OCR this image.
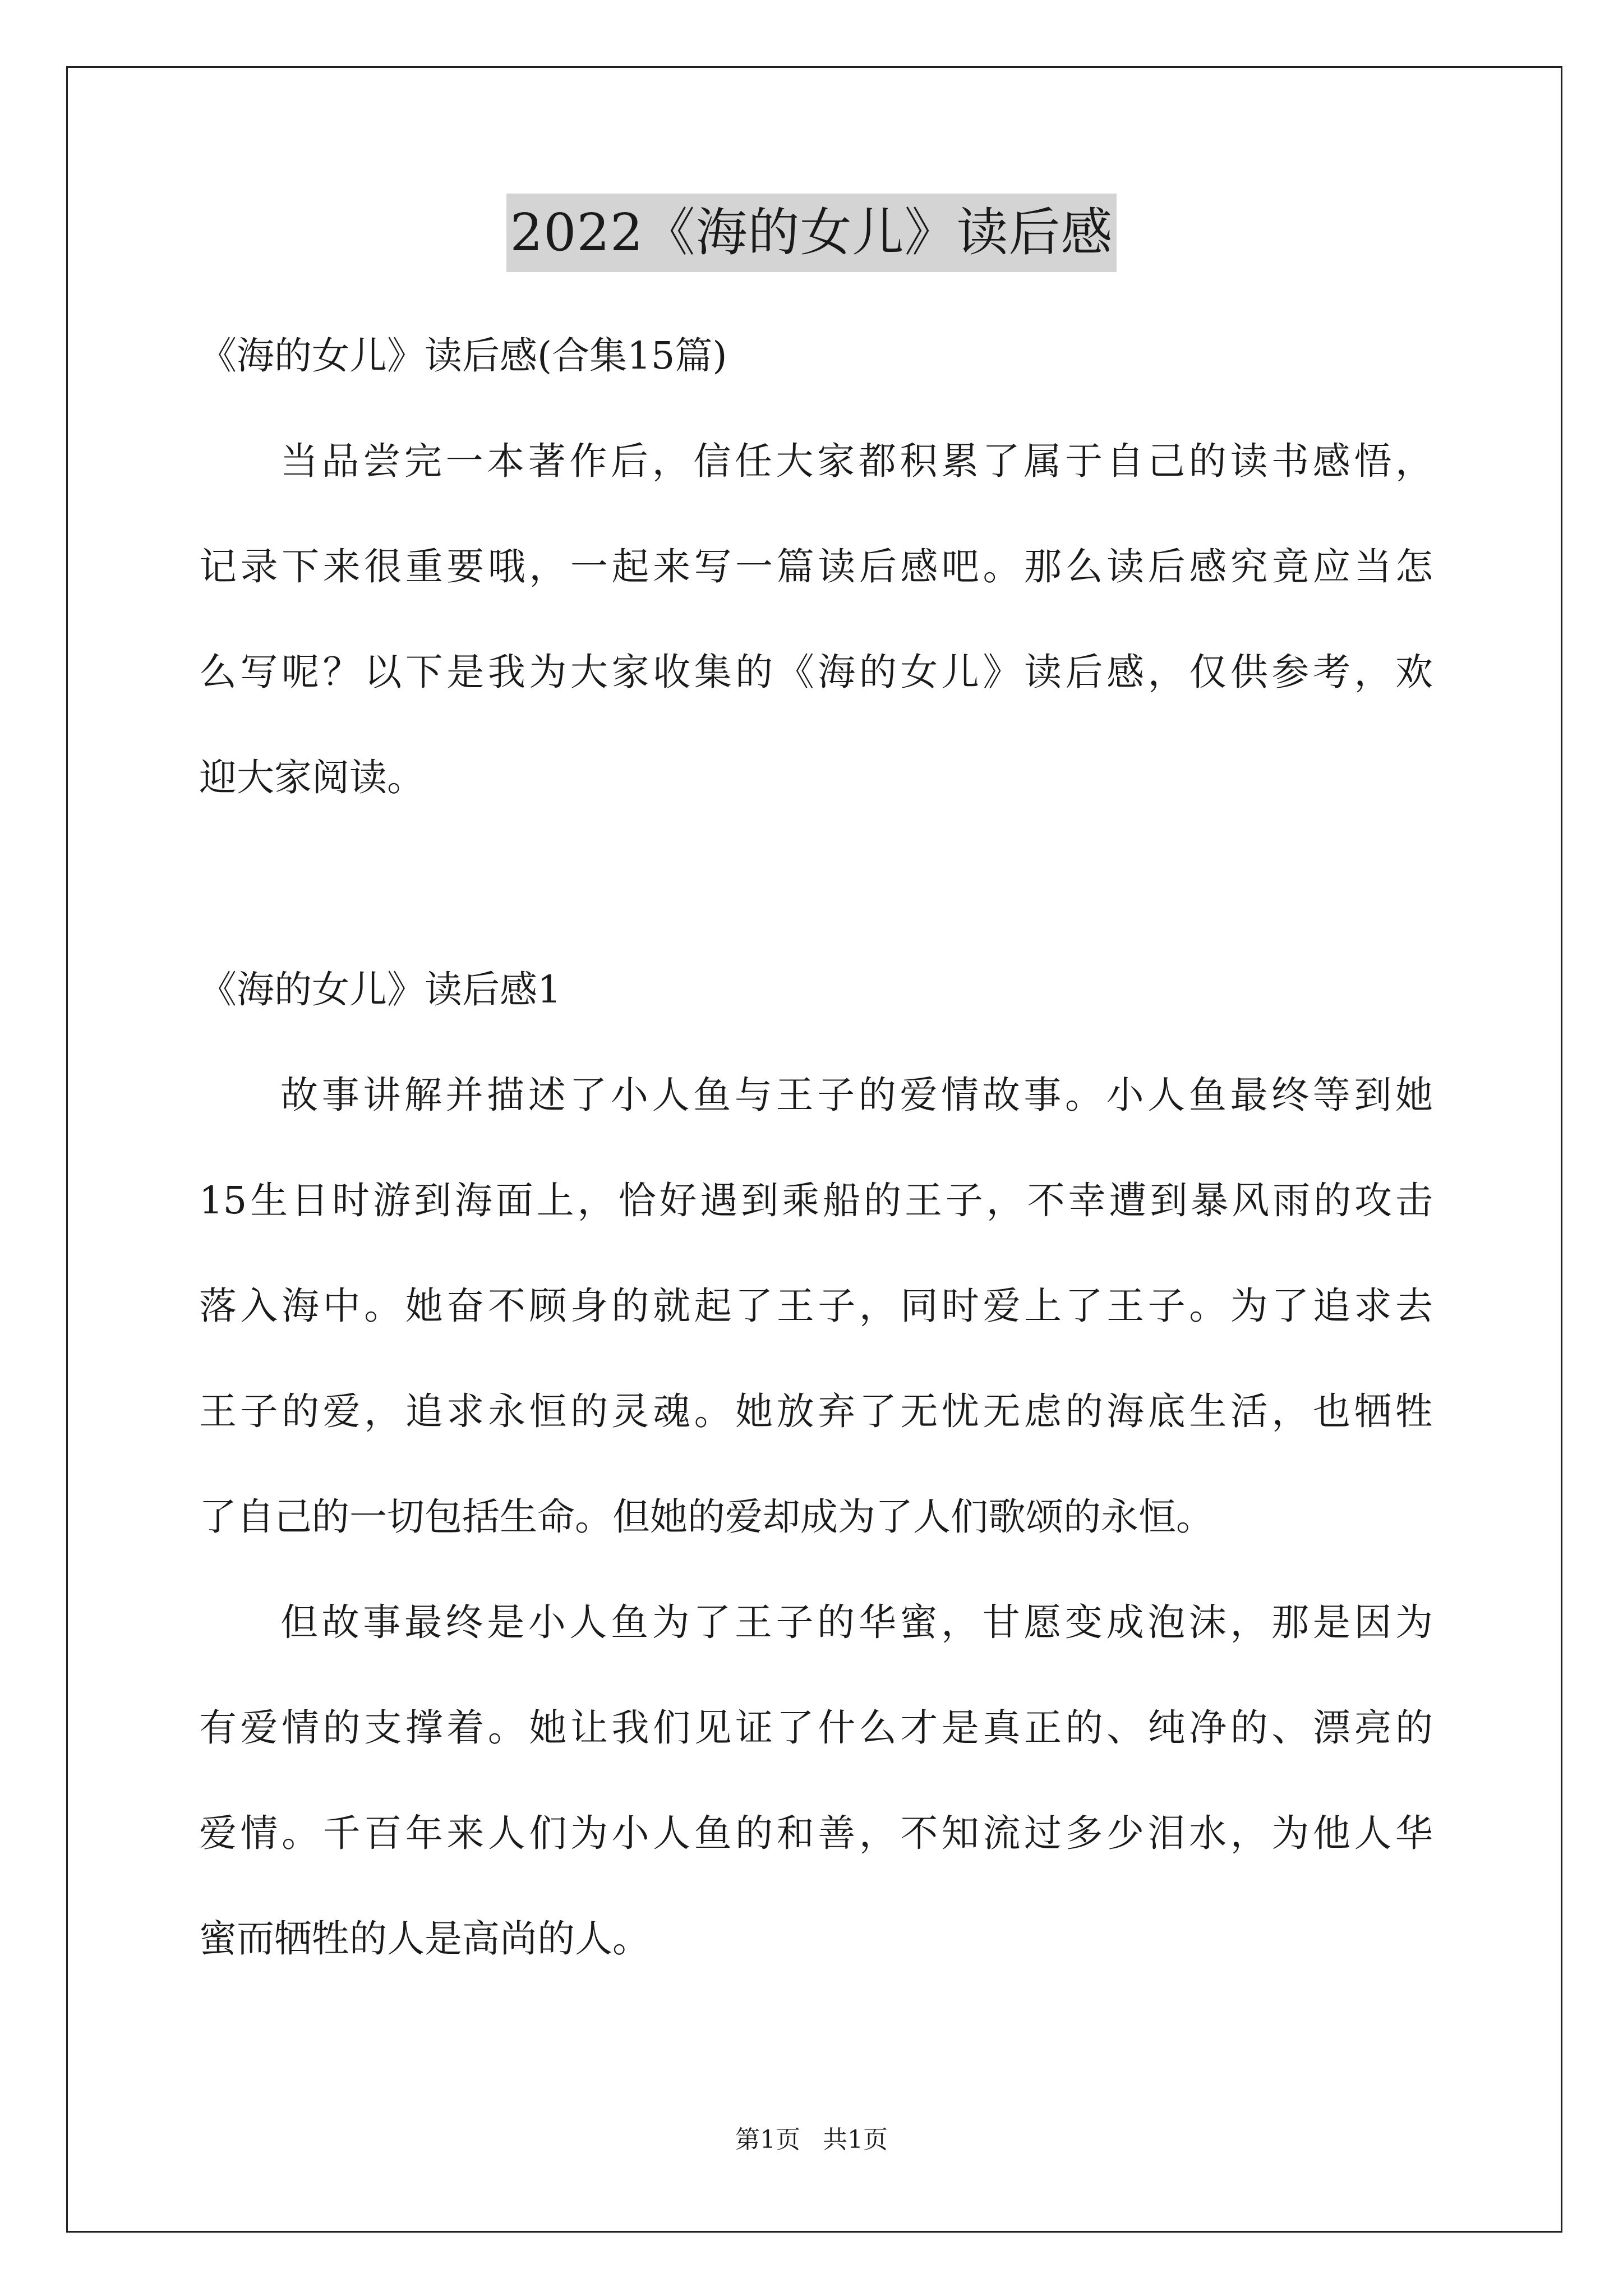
2022《海的女儿》读后感
《海的女儿》读后感(合集15篇)
当品尝完一本著作后，信任大家都积累了属于自己的读书感悟，
记录下来很重要哦，一起来写一篇读后感吧。那么读后感究竟应当怎
么写呢？以下是我为大家收集的《海的女儿》读后感，仅供参考，欢
迎大家阅读。
《海的女儿》读后感1
故事讲解并描述了小人鱼与王子的爱情故事。小人鱼最终等到她
15生日时游到海面上，恰好遇到乘船的王子，不幸遭到暴风雨的攻击
落入海中。她奋不顾身的就起了王子，同时爱上了王子。为了追求去
王子的爱，追求永恒的灵魂。她放弃了无忧无虑的海底生活，也牺牲
了自己的一切包括生命。但她的爱却成为了人们歌颂的永恒。
但故事最终是小人鱼为了王子的华蜜，甘愿变成泡沫，那是因为
有爱情的支撑着。她让我们见证了什么才是真正的、纯净的、漂亮的
爱情。千百年来人们为小人鱼的和善，不知流过多少泪水，为他人华
蜜而牺牲的人是高尚的人。
第1页 共1页
